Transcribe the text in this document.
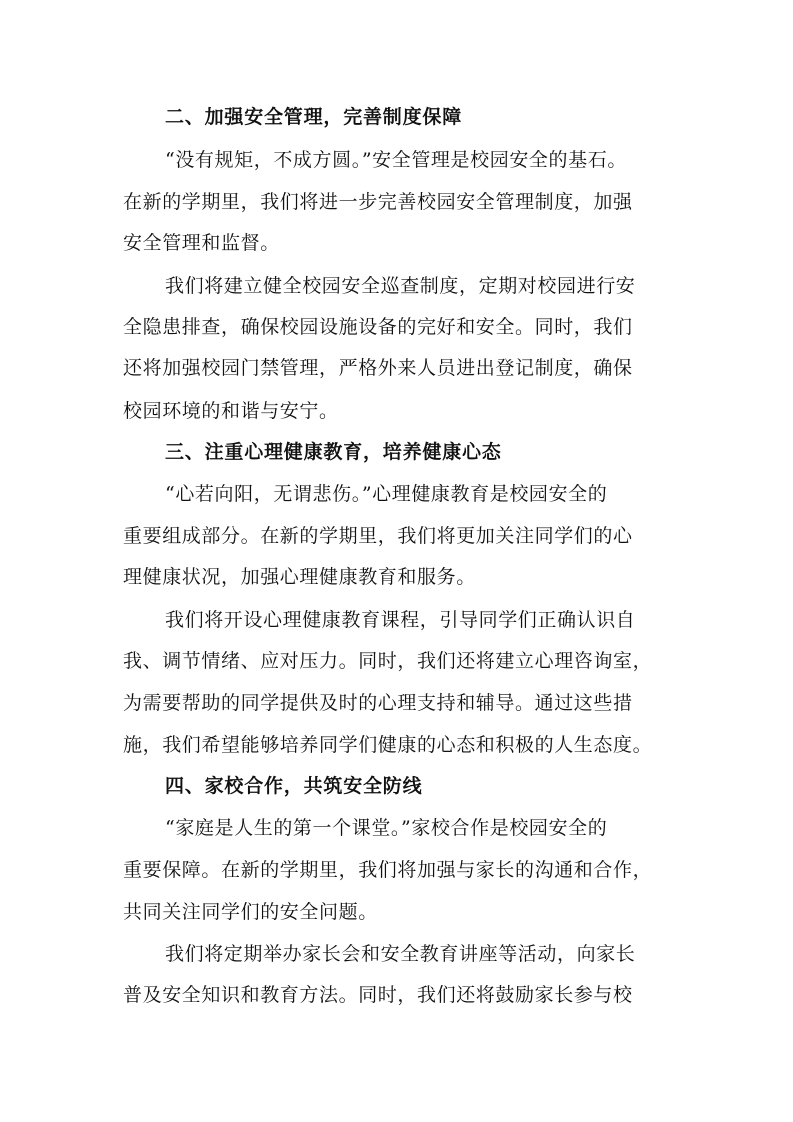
二、加强安全管理，完善制度保障
“没有规矩，不成方圆。”安全管理是校园安全的基石。
在新的学期里，我们将进一步完善校园安全管理制度，加强
安全管理和监督。
我们将建立健全校园安全巡查制度，定期对校园进行安
全隐患排查，确保校园设施设备的完好和安全。同时，我们
还将加强校园门禁管理，严格外来人员进出登记制度，确保
校园环境的和谐与安宁。
三、注重心理健康教育，培养健康心态
“心若向阳，无谓悲伤。”心理健康教育是校园安全的
重要组成部分。在新的学期里，我们将更加关注同学们的心
理健康状况，加强心理健康教育和服务。
我们将开设心理健康教育课程，引导同学们正确认识自
我、调节情绪、应对压力。同时，我们还将建立心理咨询室，
为需要帮助的同学提供及时的心理支持和辅导。通过这些措
施，我们希望能够培养同学们健康的心态和积极的人生态度。
四、家校合作，共筑安全防线
“家庭是人生的第一个课堂。”家校合作是校园安全的
重要保障。在新的学期里，我们将加强与家长的沟通和合作，
共同关注同学们的安全问题。
我们将定期举办家长会和安全教育讲座等活动，向家长
普及安全知识和教育方法。同时，我们还将鼓励家长参与校
